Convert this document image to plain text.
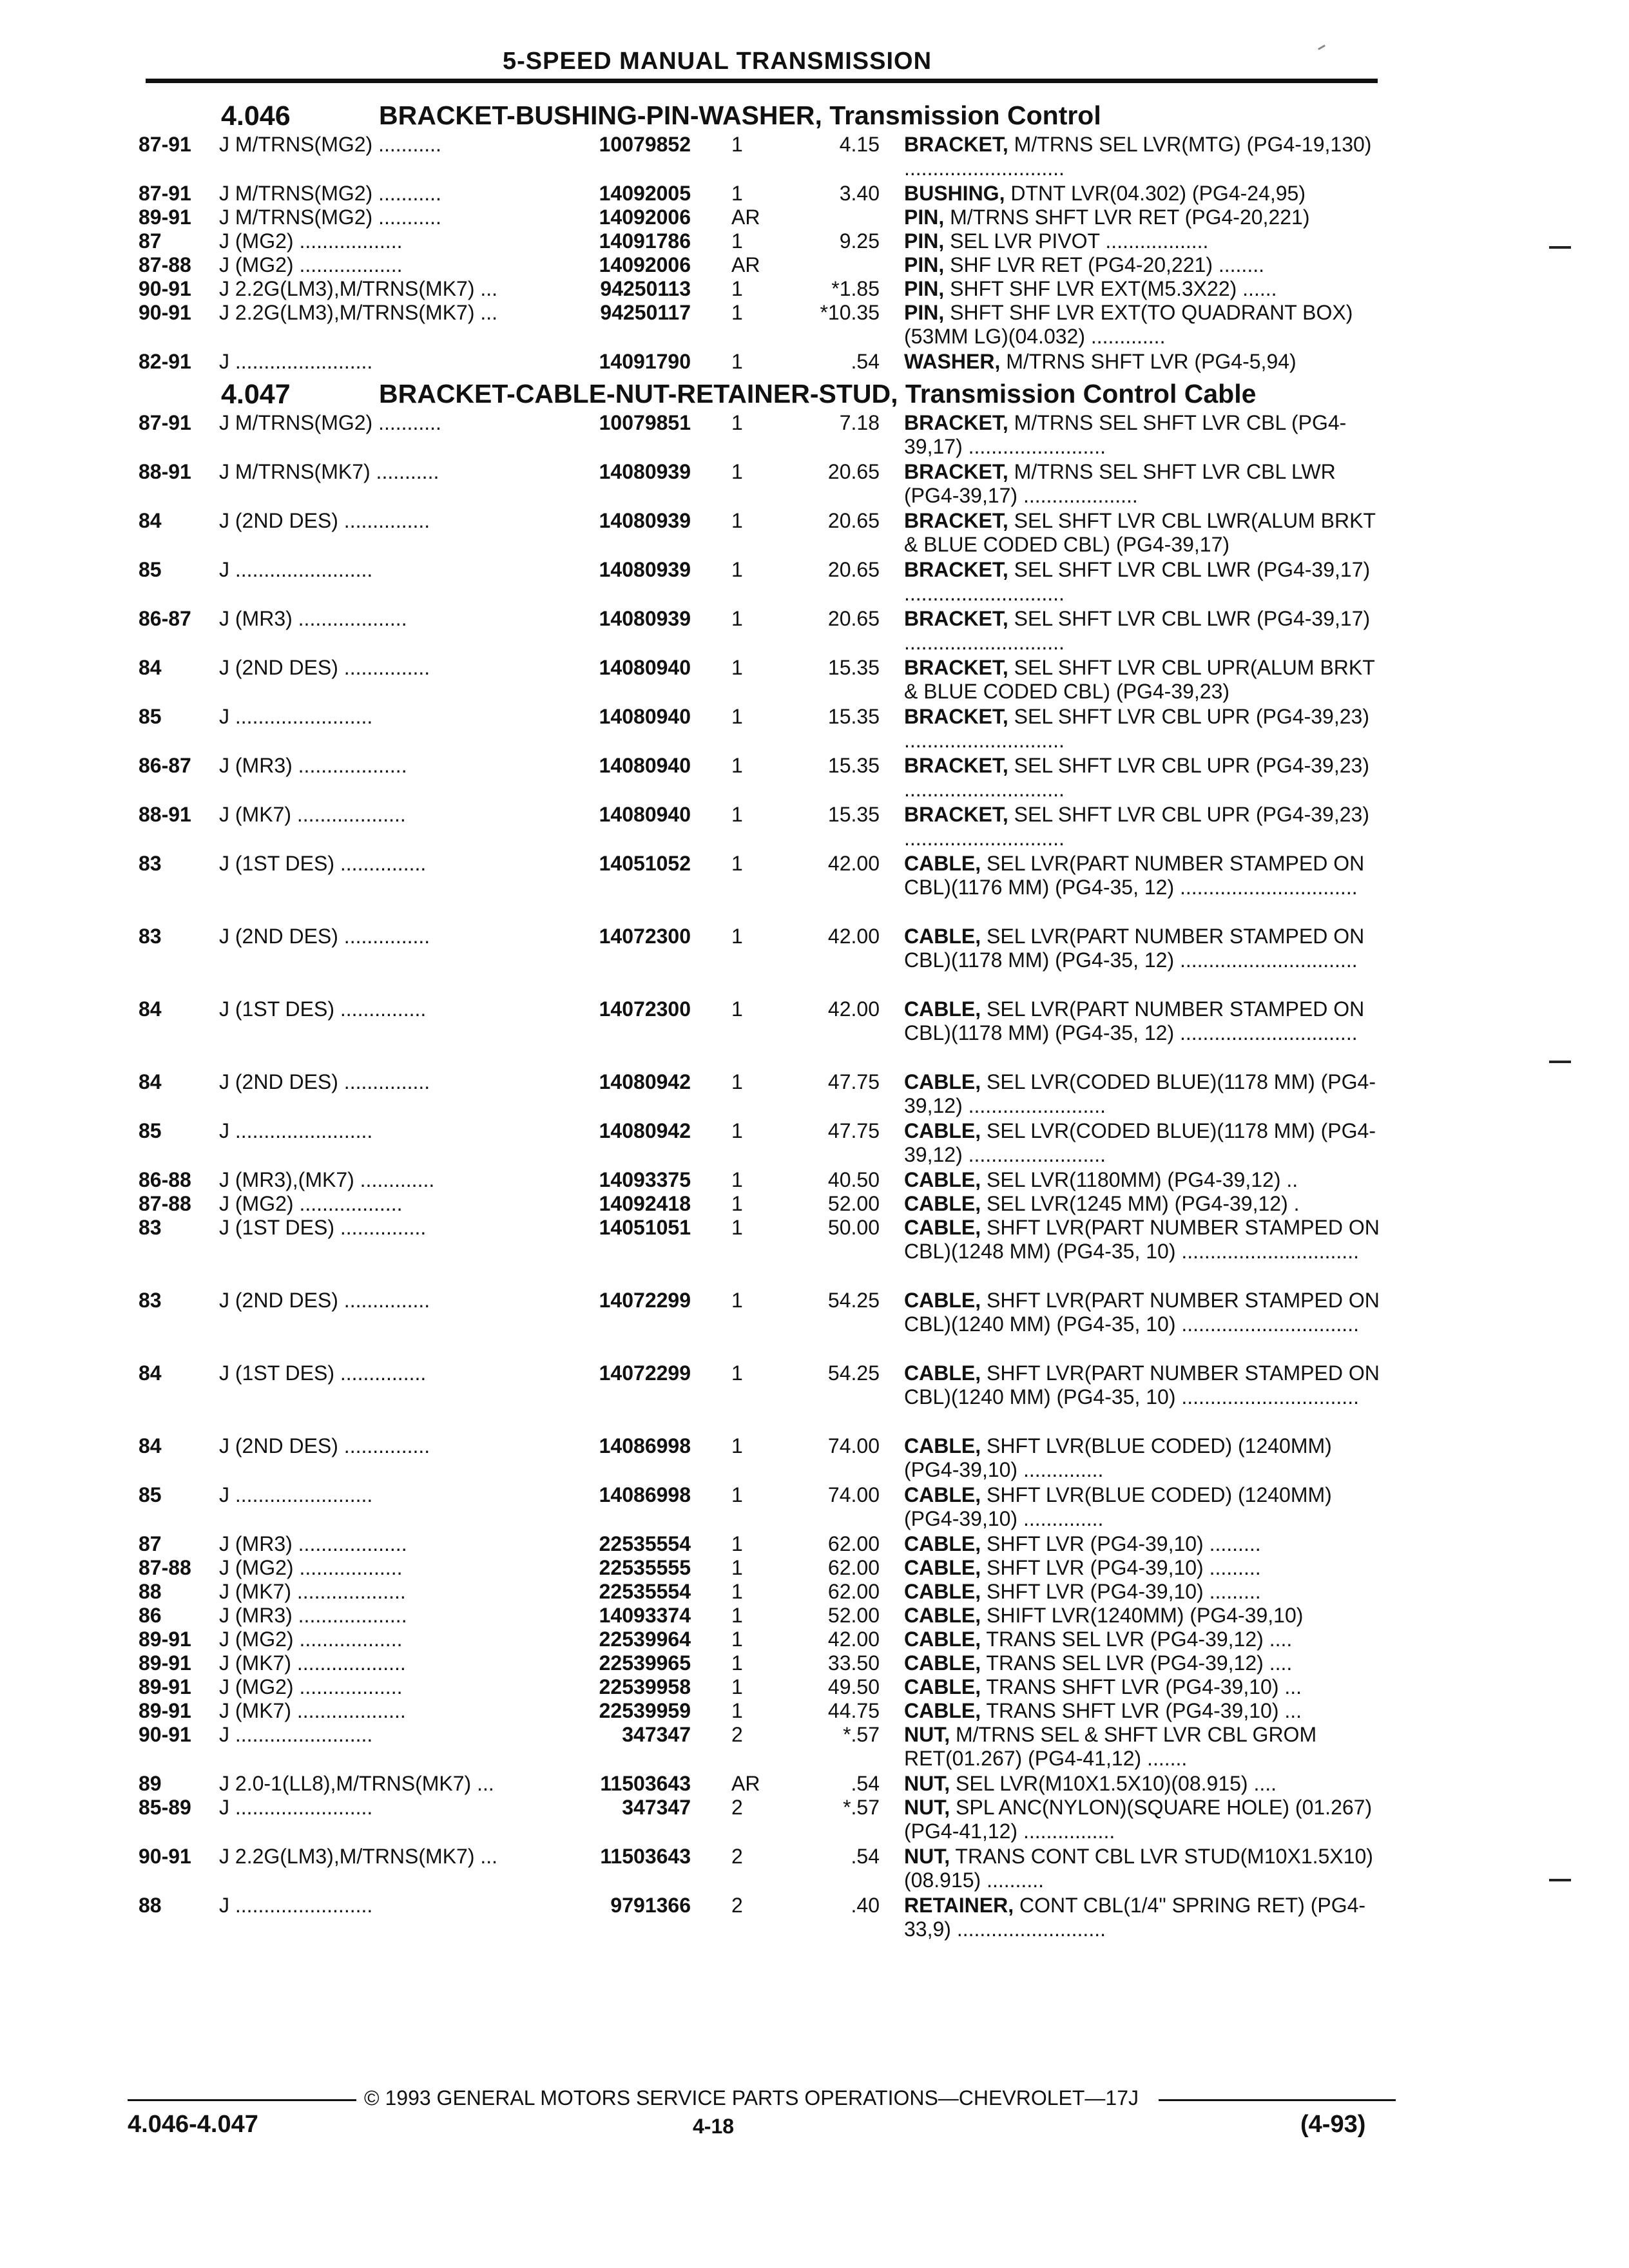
5-SPEED MANUAL TRANSMISSION
4.046	BRACKET-BUSHING-PIN-WASHER, Transmission Control
87-91 J M/TRNS(MG2) ...........	10079852 1	4.15 BRACKET, M/TRNS SEL LVR(MTG) (PG4-19,130) ............................
87-91 J M/TRNS(MG2) ...........	14092005 1	3.40 BUSHING, DTNT LVR(04.302) (PG4-24,95)
89-91 J M/TRNS(MG2) ...........	14092006 AR	PIN, M/TRNS SHFT LVR RET (PG4-20,221)
87	J (MG2) ..................	14091786 1	9.25 PIN, SEL LVR PIVOT ..................
87-88 J (MG2) ..................	14092006 AR	PIN, SHF LVR RET (PG4-20,221) ........
90-91 J 2.2G(LM3),M/TRNS(MK7) ...	94250113 1	*1.85 PIN, SHFT SHF LVR EXT(M5.3X22) ......
90-91 J 2.2G(LM3),M/TRNS(MK7) ...	94250117 1	*10.35 PIN, SHFT SHF LVR EXT(TO QUADRANT BOX)(53MM LG)(04.032) .............
82-91 J ........................	14091790 1	.54 WASHER, M/TRNS SHFT LVR (PG4-5,94)
4.047	BRACKET-CABLE-NUT-RETAINER-STUD, Transmission Control Cable
87-91 J M/TRNS(MG2) ...........	10079851 1	7.18 BRACKET, M/TRNS SEL SHFT LVR CBL (PG4-39,17) ........................
88-91 J M/TRNS(MK7) ...........	14080939 1	20.65 BRACKET, M/TRNS SEL SHFT LVR CBL LWR (PG4-39,17) ....................
84	J (2ND DES) ...............	14080939 1	20.65 BRACKET, SEL SHFT LVR CBL LWR(ALUM BRKT & BLUE CODED CBL) (PG4-39,17)
85	J ........................	14080939 1	20.65 BRACKET, SEL SHFT LVR CBL LWR (PG4-39,17) ............................
86-87 J (MR3) ...................	14080939 1	20.65 BRACKET, SEL SHFT LVR CBL LWR (PG4-39,17) ............................
84	J (2ND DES) ...............	14080940 1	15.35 BRACKET, SEL SHFT LVR CBL UPR(ALUM BRKT & BLUE CODED CBL) (PG4-39,23)
85	J ........................	14080940 1	15.35 BRACKET, SEL SHFT LVR CBL UPR (PG4-39,23) ............................
86-87 J (MR3) ...................	14080940 1	15.35 BRACKET, SEL SHFT LVR CBL UPR (PG4-39,23) ............................
88-91 J (MK7) ...................	14080940 1	15.35 BRACKET, SEL SHFT LVR CBL UPR (PG4-39,23) ............................
83	J (1ST DES) ...............	14051052 1	42.00 CABLE, SEL LVR(PART NUMBER STAMPED ON CBL)(1176 MM) (PG4-35, 12) ...............................
83	J (2ND DES) ...............	14072300 1	42.00 CABLE, SEL LVR(PART NUMBER STAMPED ON CBL)(1178 MM) (PG4-35, 12) ...............................
84	J (1ST DES) ...............	14072300 1	42.00 CABLE, SEL LVR(PART NUMBER STAMPED ON CBL)(1178 MM) (PG4-35, 12) ...............................
84	J (2ND DES) ...............	14080942 1	47.75 CABLE, SEL LVR(CODED BLUE)(1178 MM) (PG4-39,12) ........................
85	J ........................	14080942 1	47.75 CABLE, SEL LVR(CODED BLUE)(1178 MM) (PG4-39,12) ........................
86-88 J (MR3),(MK7) .............	14093375 1	40.50 CABLE, SEL LVR(1180MM) (PG4-39,12) ..
87-88 J (MG2) ..................	14092418 1	52.00 CABLE, SEL LVR(1245 MM) (PG4-39,12) .
83	J (1ST DES) ...............	14051051 1	50.00 CABLE, SHFT LVR(PART NUMBER STAMPED ON CBL)(1248 MM) (PG4-35, 10) ...............................
83	J (2ND DES) ...............	14072299 1	54.25 CABLE, SHFT LVR(PART NUMBER STAMPED ON CBL)(1240 MM) (PG4-35, 10) ...............................
84	J (1ST DES) ...............	14072299 1	54.25 CABLE, SHFT LVR(PART NUMBER STAMPED ON CBL)(1240 MM) (PG4-35, 10) ...............................
84	J (2ND DES) ...............	14086998 1	74.00 CABLE, SHFT LVR(BLUE CODED) (1240MM) (PG4-39,10) ..............
85	J ........................	14086998 1	74.00 CABLE, SHFT LVR(BLUE CODED) (1240MM) (PG4-39,10) ..............
87	J (MR3) ...................	22535554 1	62.00 CABLE, SHFT LVR (PG4-39,10) .........
87-88 J (MG2) ..................	22535555 1	62.00 CABLE, SHFT LVR (PG4-39,10) .........
88	J (MK7) ...................	22535554 1	62.00 CABLE, SHFT LVR (PG4-39,10) .........
86	J (MR3) ...................	14093374 1	52.00 CABLE, SHIFT LVR(1240MM) (PG4-39,10)
89-91 J (MG2) ..................	22539964 1	42.00 CABLE, TRANS SEL LVR (PG4-39,12) ....
89-91 J (MK7) ...................	22539965 1	33.50 CABLE, TRANS SEL LVR (PG4-39,12) ....
89-91 J (MG2) ..................	22539958 1	49.50 CABLE, TRANS SHFT LVR (PG4-39,10) ...
89-91 J (MK7) ...................	22539959 1	44.75 CABLE, TRANS SHFT LVR (PG4-39,10) ...
90-91 J ........................	347347 2	*.57 NUT, M/TRNS SEL & SHFT LVR CBL GROM RET(01.267) (PG4-41,12) .......
89	J 2.0-1(LL8),M/TRNS(MK7) ...	11503643 AR	.54 NUT, SEL LVR(M10X1.5X10)(08.915) ....
85-89 J ........................	347347 2	*.57 NUT, SPL ANC(NYLON)(SQUARE HOLE) (01.267) (PG4-41,12) ................
90-91 J 2.2G(LM3),M/TRNS(MK7) ...	11503643 2	.54 NUT, TRANS CONT CBL LVR STUD(M10X1.5X10)(08.915) ..........
88	J ........................	9791366 2	.40 RETAINER, CONT CBL(1/4" SPRING RET) (PG4-33,9) ..........................
© 1993 GENERAL MOTORS SERVICE PARTS OPERATIONS—CHEVROLET—17J
4.046-4.047	4-18	(4-93)
